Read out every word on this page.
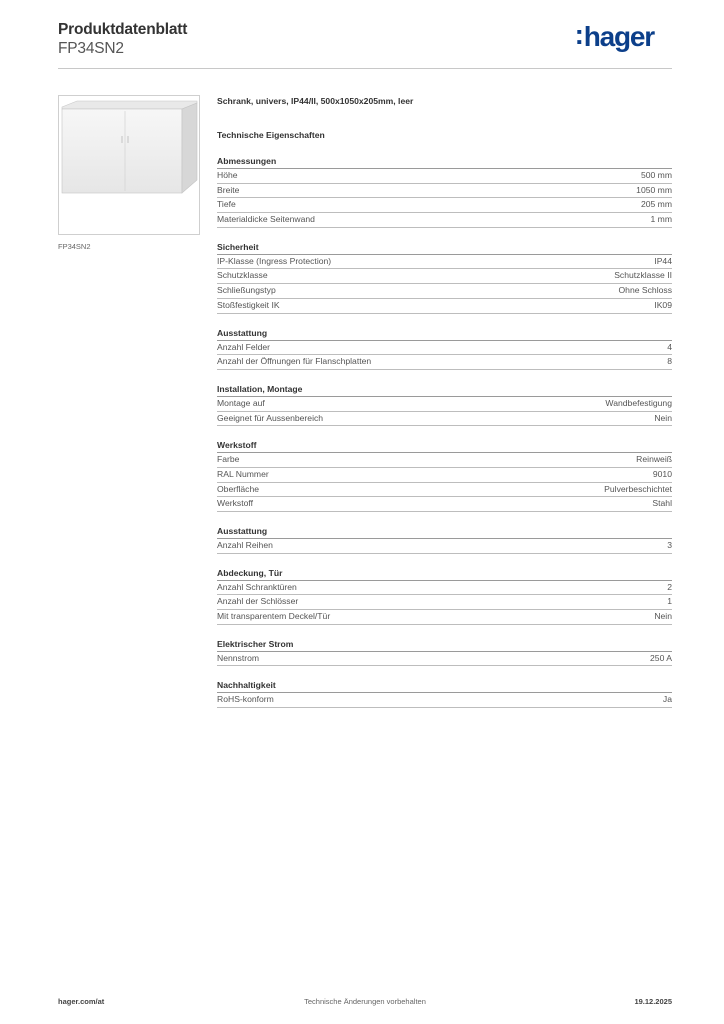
Produktdatenblatt
FP34SN2	:hager
FP34SN2
Schrank, univers, IP44/II, 500x1050x205mm, leer
Technische Eigenschaften
Abmessungen
Höhe	500 mm
Breite	1050 mm
Tiefe	205 mm
Materialdicke Seitenwand	1 mm
Sicherheit
IP-Klasse (Ingress Protection)	IP44
Schutzklasse	Schutzklasse II
Schließungstyp	Ohne Schloss
Stoßfestigkeit IK	IK09
Ausstattung
Anzahl Felder	4
Anzahl der Öffnungen für Flanschplatten	8
Installation, Montage
Montage auf	Wandbefestigung
Geeignet für Aussenbereich	Nein
Werkstoff
Farbe	Reinweiß
RAL Nummer	9010
Oberfläche	Pulverbeschichtet
Werkstoff	Stahl
Ausstattung
Anzahl Reihen	3
Abdeckung, Tür
Anzahl Schranktüren	2
Anzahl der Schlösser	1
Mit transparentem Deckel/Tür	Nein
Elektrischer Strom
Nennstrom	250 A
Nachhaltigkeit
RoHS-konform	Ja
hager.com/at	Technische Änderungen vorbehalten	19.12.2025
